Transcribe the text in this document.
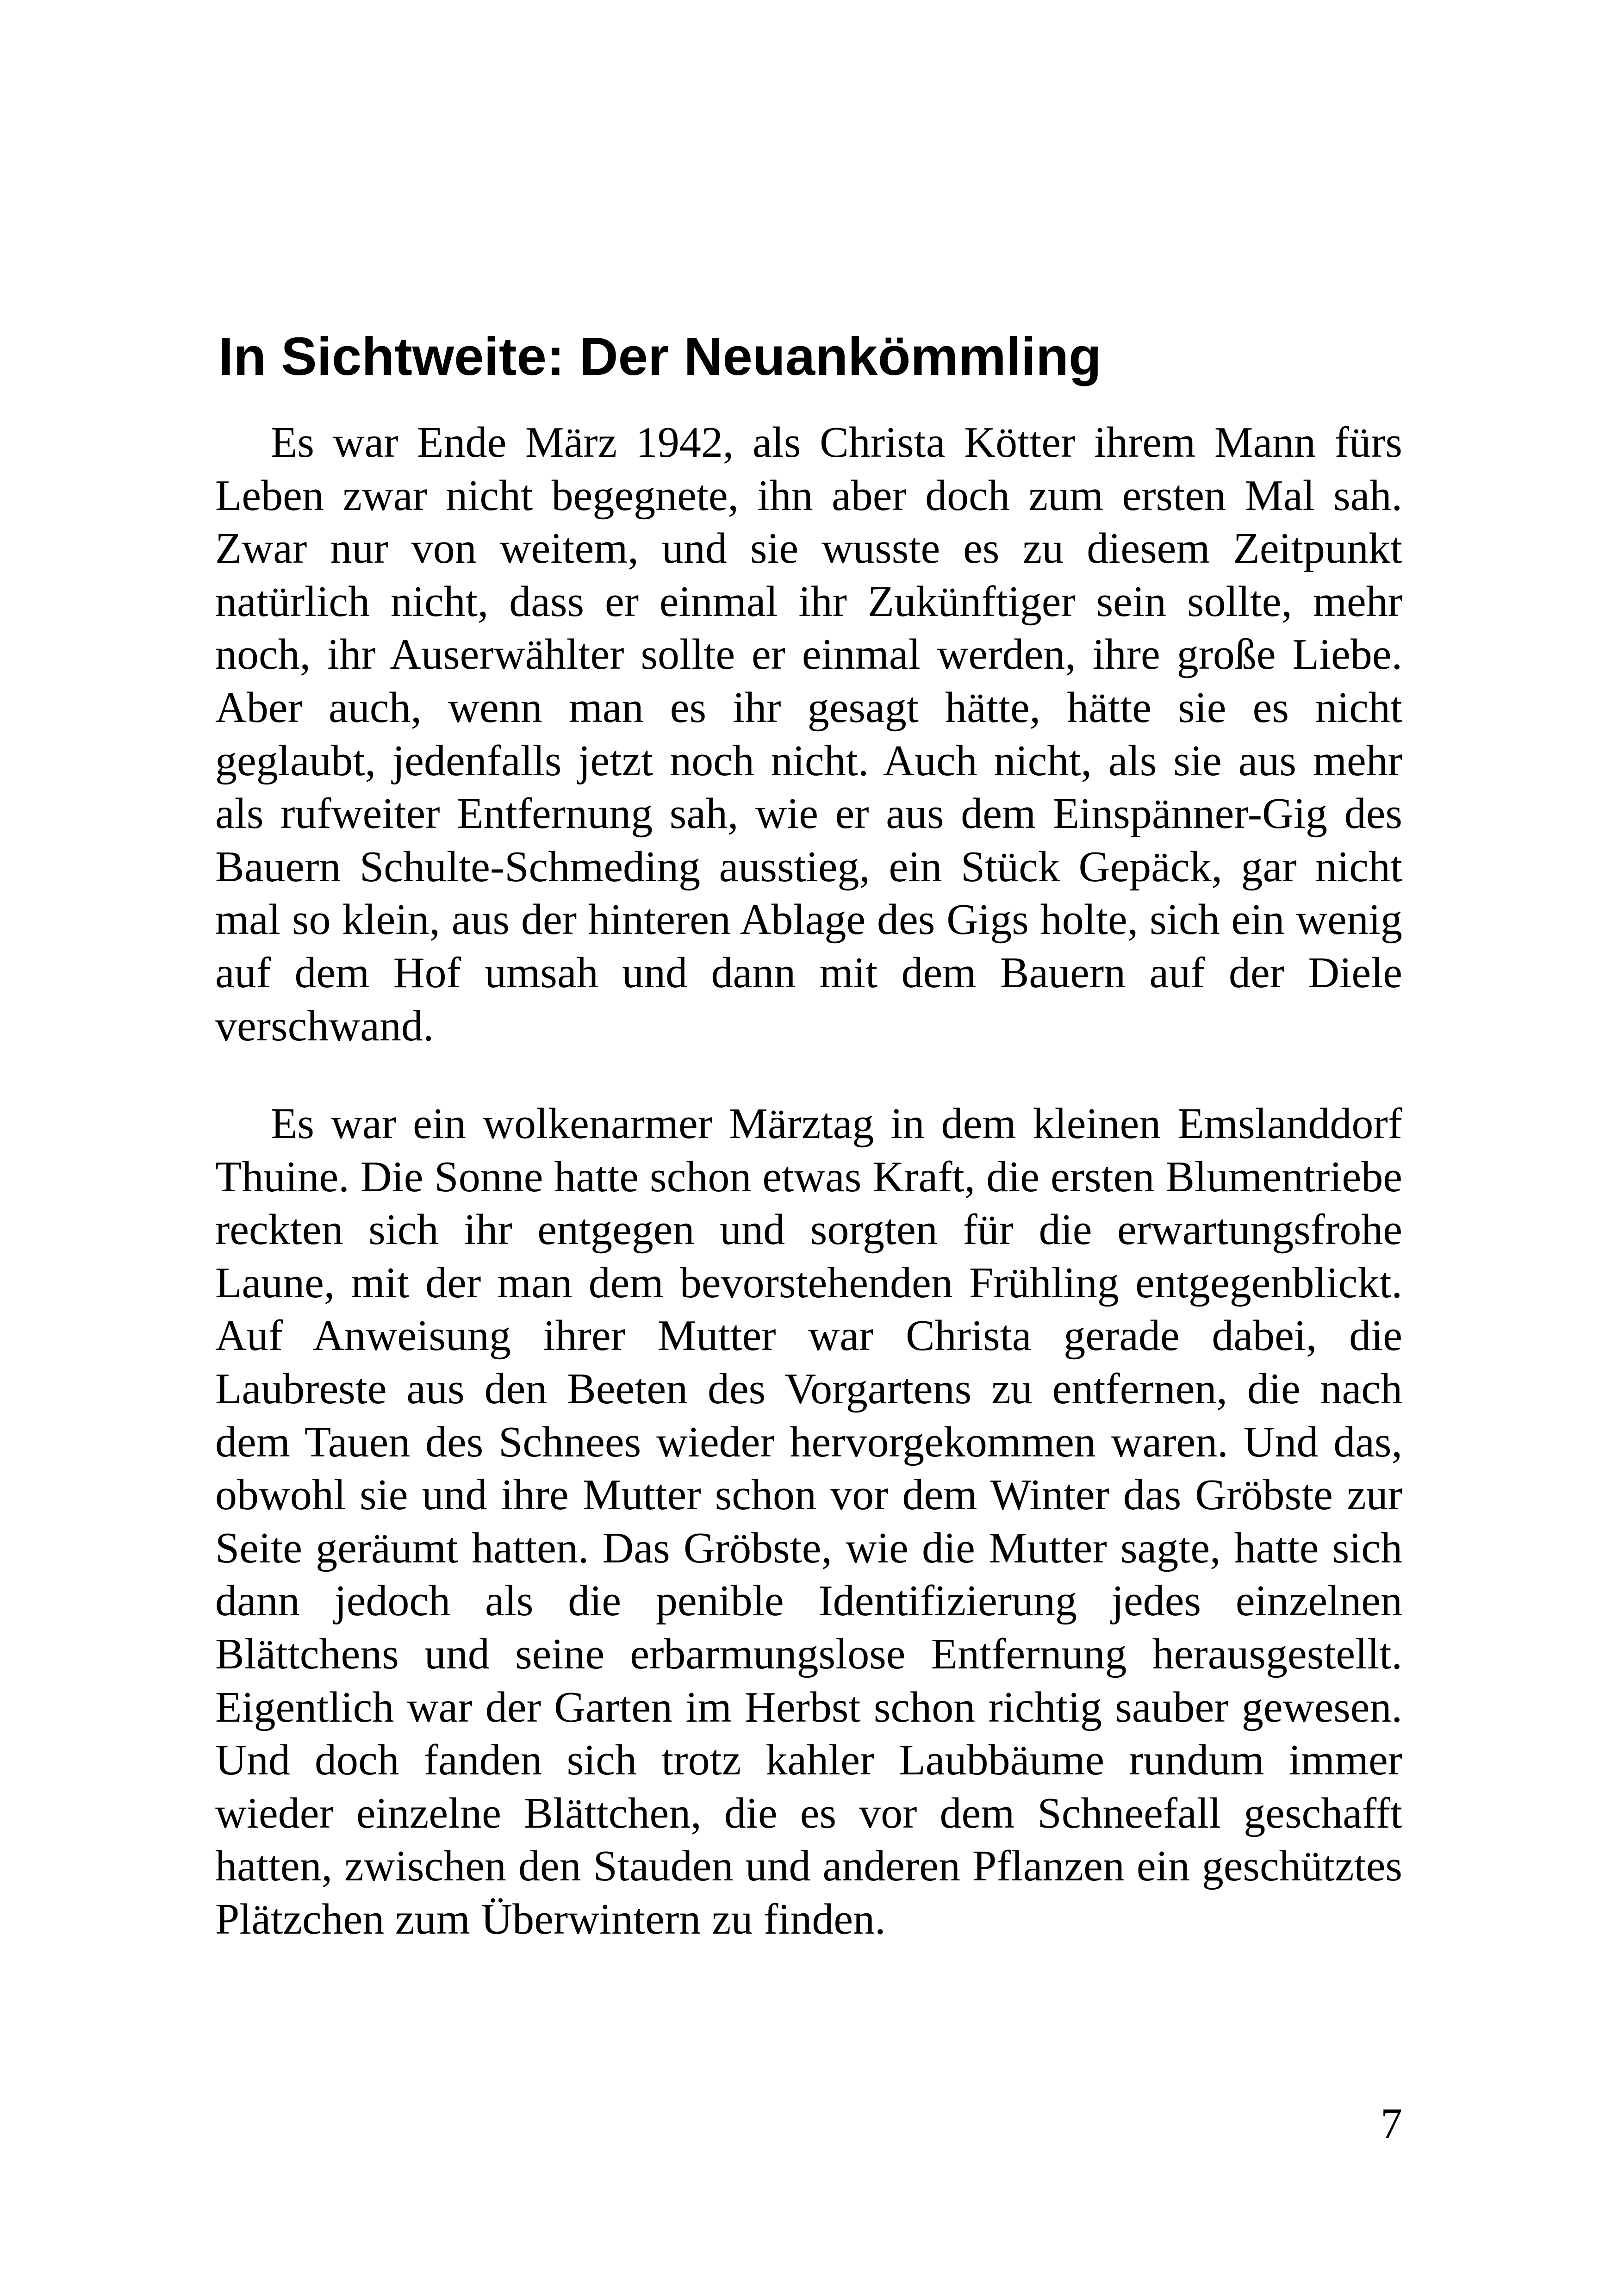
In Sichtweite: Der Neuankömmling

Es war Ende März 1942, als Christa Kötter ihrem Mann fürs Leben zwar nicht begegnete, ihn aber doch zum ersten Mal sah. Zwar nur von weitem, und sie wusste es zu diesem Zeitpunkt natürlich nicht, dass er einmal ihr Zukünftiger sein sollte, mehr noch, ihr Auserwählter sollte er einmal werden, ihre große Liebe. Aber auch, wenn man es ihr gesagt hätte, hätte sie es nicht geglaubt, jedenfalls jetzt noch nicht. Auch nicht, als sie aus mehr als rufweiter Entfernung sah, wie er aus dem Einspänner-Gig des Bauern Schulte-Schmeding ausstieg, ein Stück Gepäck, gar nicht mal so klein, aus der hinteren Ablage des Gigs holte, sich ein wenig auf dem Hof umsah und dann mit dem Bauern auf der Diele verschwand.

Es war ein wolkenarmer Märztag in dem kleinen Emslanddorf Thuine. Die Sonne hatte schon etwas Kraft, die ersten Blumentriebe reckten sich ihr entgegen und sorgten für die erwartungsfrohe Laune, mit der man dem bevorstehenden Frühling entgegenblickt. Auf Anweisung ihrer Mutter war Christa gerade dabei, die Laubreste aus den Beeten des Vorgartens zu entfernen, die nach dem Tauen des Schnees wieder hervorgekommen waren. Und das, obwohl sie und ihre Mutter schon vor dem Winter das Gröbste zur Seite geräumt hatten. Das Gröbste, wie die Mutter sagte, hatte sich dann jedoch als die penible Identifizierung jedes einzelnen Blättchens und seine erbarmungslose Entfernung herausgestellt. Eigentlich war der Garten im Herbst schon richtig sauber gewesen. Und doch fanden sich trotz kahler Laubbäume rundum immer wieder einzelne Blättchen, die es vor dem Schneefall geschafft hatten, zwischen den Stauden und anderen Pflanzen ein geschütztes Plätzchen zum Überwintern zu finden.

7
